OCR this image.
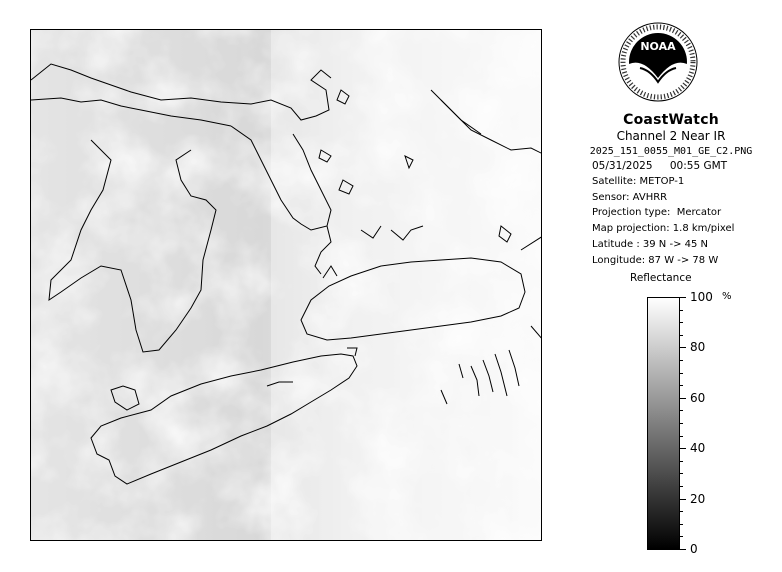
NOAA
CoastWatch
Channel 2 Near IR
2025_151_0055_M01_GE_C2.PNG
05/31/2025 00:55 GMT
Satellite: METOP-1
Sensor: AVHRR
Projection type: Mercator
Map projection: 1.8 km/pixel
Latitude : 39 N -> 45 N
Longitude: 87 W -> 78 W
Reflectance
100
80
60
40
20
0
%
